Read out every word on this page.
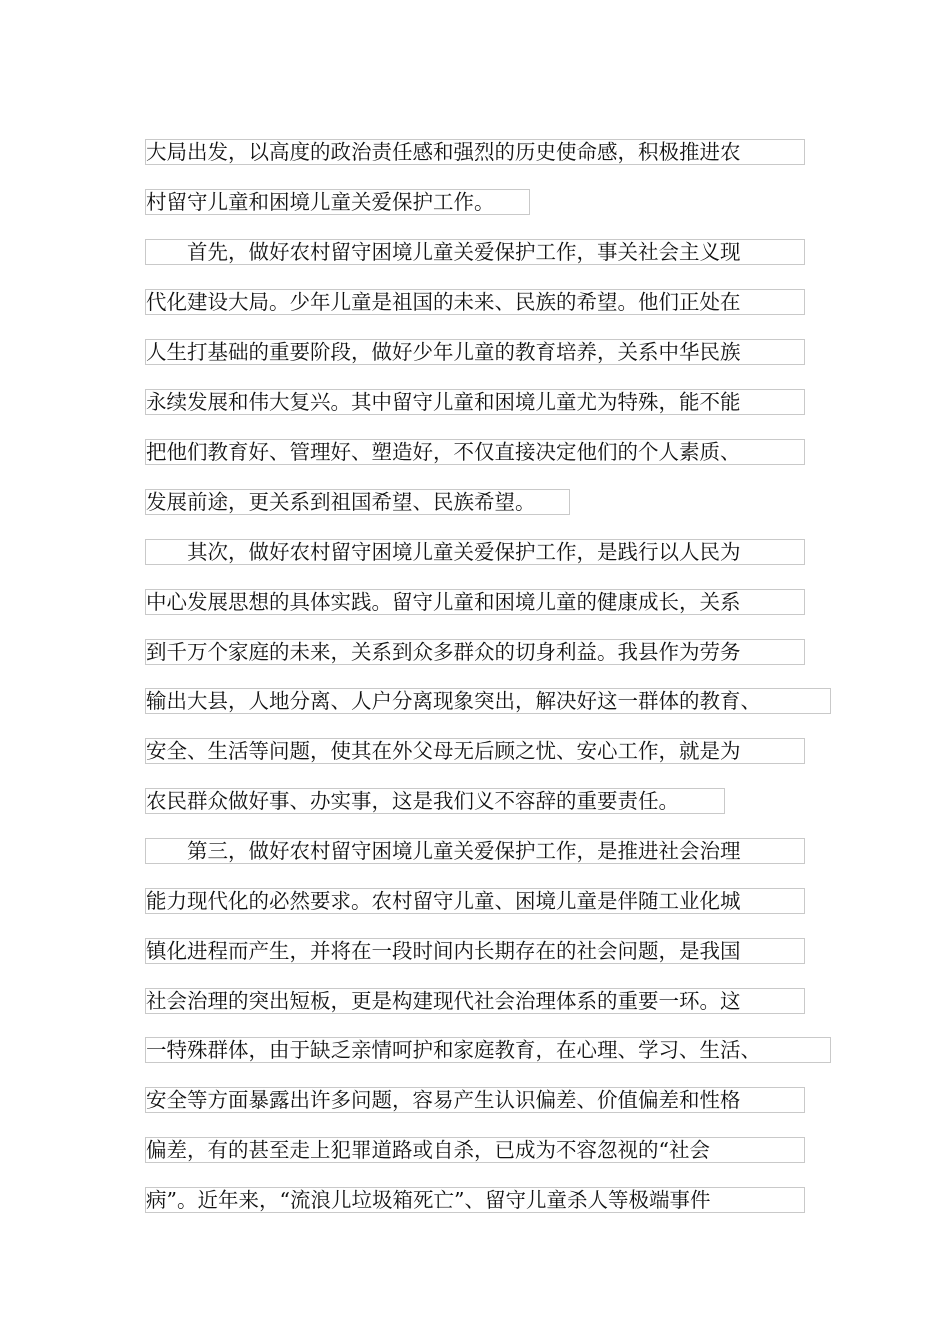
大局出发，以高度的政治责任感和强烈的历史使命感，积极推进农
村留守儿童和困境儿童关爱保护工作。
　　首先，做好农村留守困境儿童关爱保护工作，事关社会主义现
代化建设大局。少年儿童是祖国的未来、民族的希望。他们正处在
人生打基础的重要阶段，做好少年儿童的教育培养，关系中华民族
永续发展和伟大复兴。其中留守儿童和困境儿童尤为特殊，能不能
把他们教育好、管理好、塑造好，不仅直接决定他们的个人素质、
发展前途，更关系到祖国希望、民族希望。
　　其次，做好农村留守困境儿童关爱保护工作，是践行以人民为
中心发展思想的具体实践。留守儿童和困境儿童的健康成长，关系
到千万个家庭的未来，关系到众多群众的切身利益。我县作为劳务
输出大县，人地分离、人户分离现象突出，解决好这一群体的教育、
安全、生活等问题，使其在外父母无后顾之忧、安心工作，就是为
农民群众做好事、办实事，这是我们义不容辞的重要责任。
　　第三，做好农村留守困境儿童关爱保护工作，是推进社会治理
能力现代化的必然要求。农村留守儿童、困境儿童是伴随工业化城
镇化进程而产生，并将在一段时间内长期存在的社会问题，是我国
社会治理的突出短板，更是构建现代社会治理体系的重要一环。这
一特殊群体，由于缺乏亲情呵护和家庭教育，在心理、学习、生活、
安全等方面暴露出许多问题，容易产生认识偏差、价值偏差和性格
偏差，有的甚至走上犯罪道路或自杀，已成为不容忽视的“社会
病”。近年来，“流浪儿垃圾箱死亡”、留守儿童杀人等极端事件
